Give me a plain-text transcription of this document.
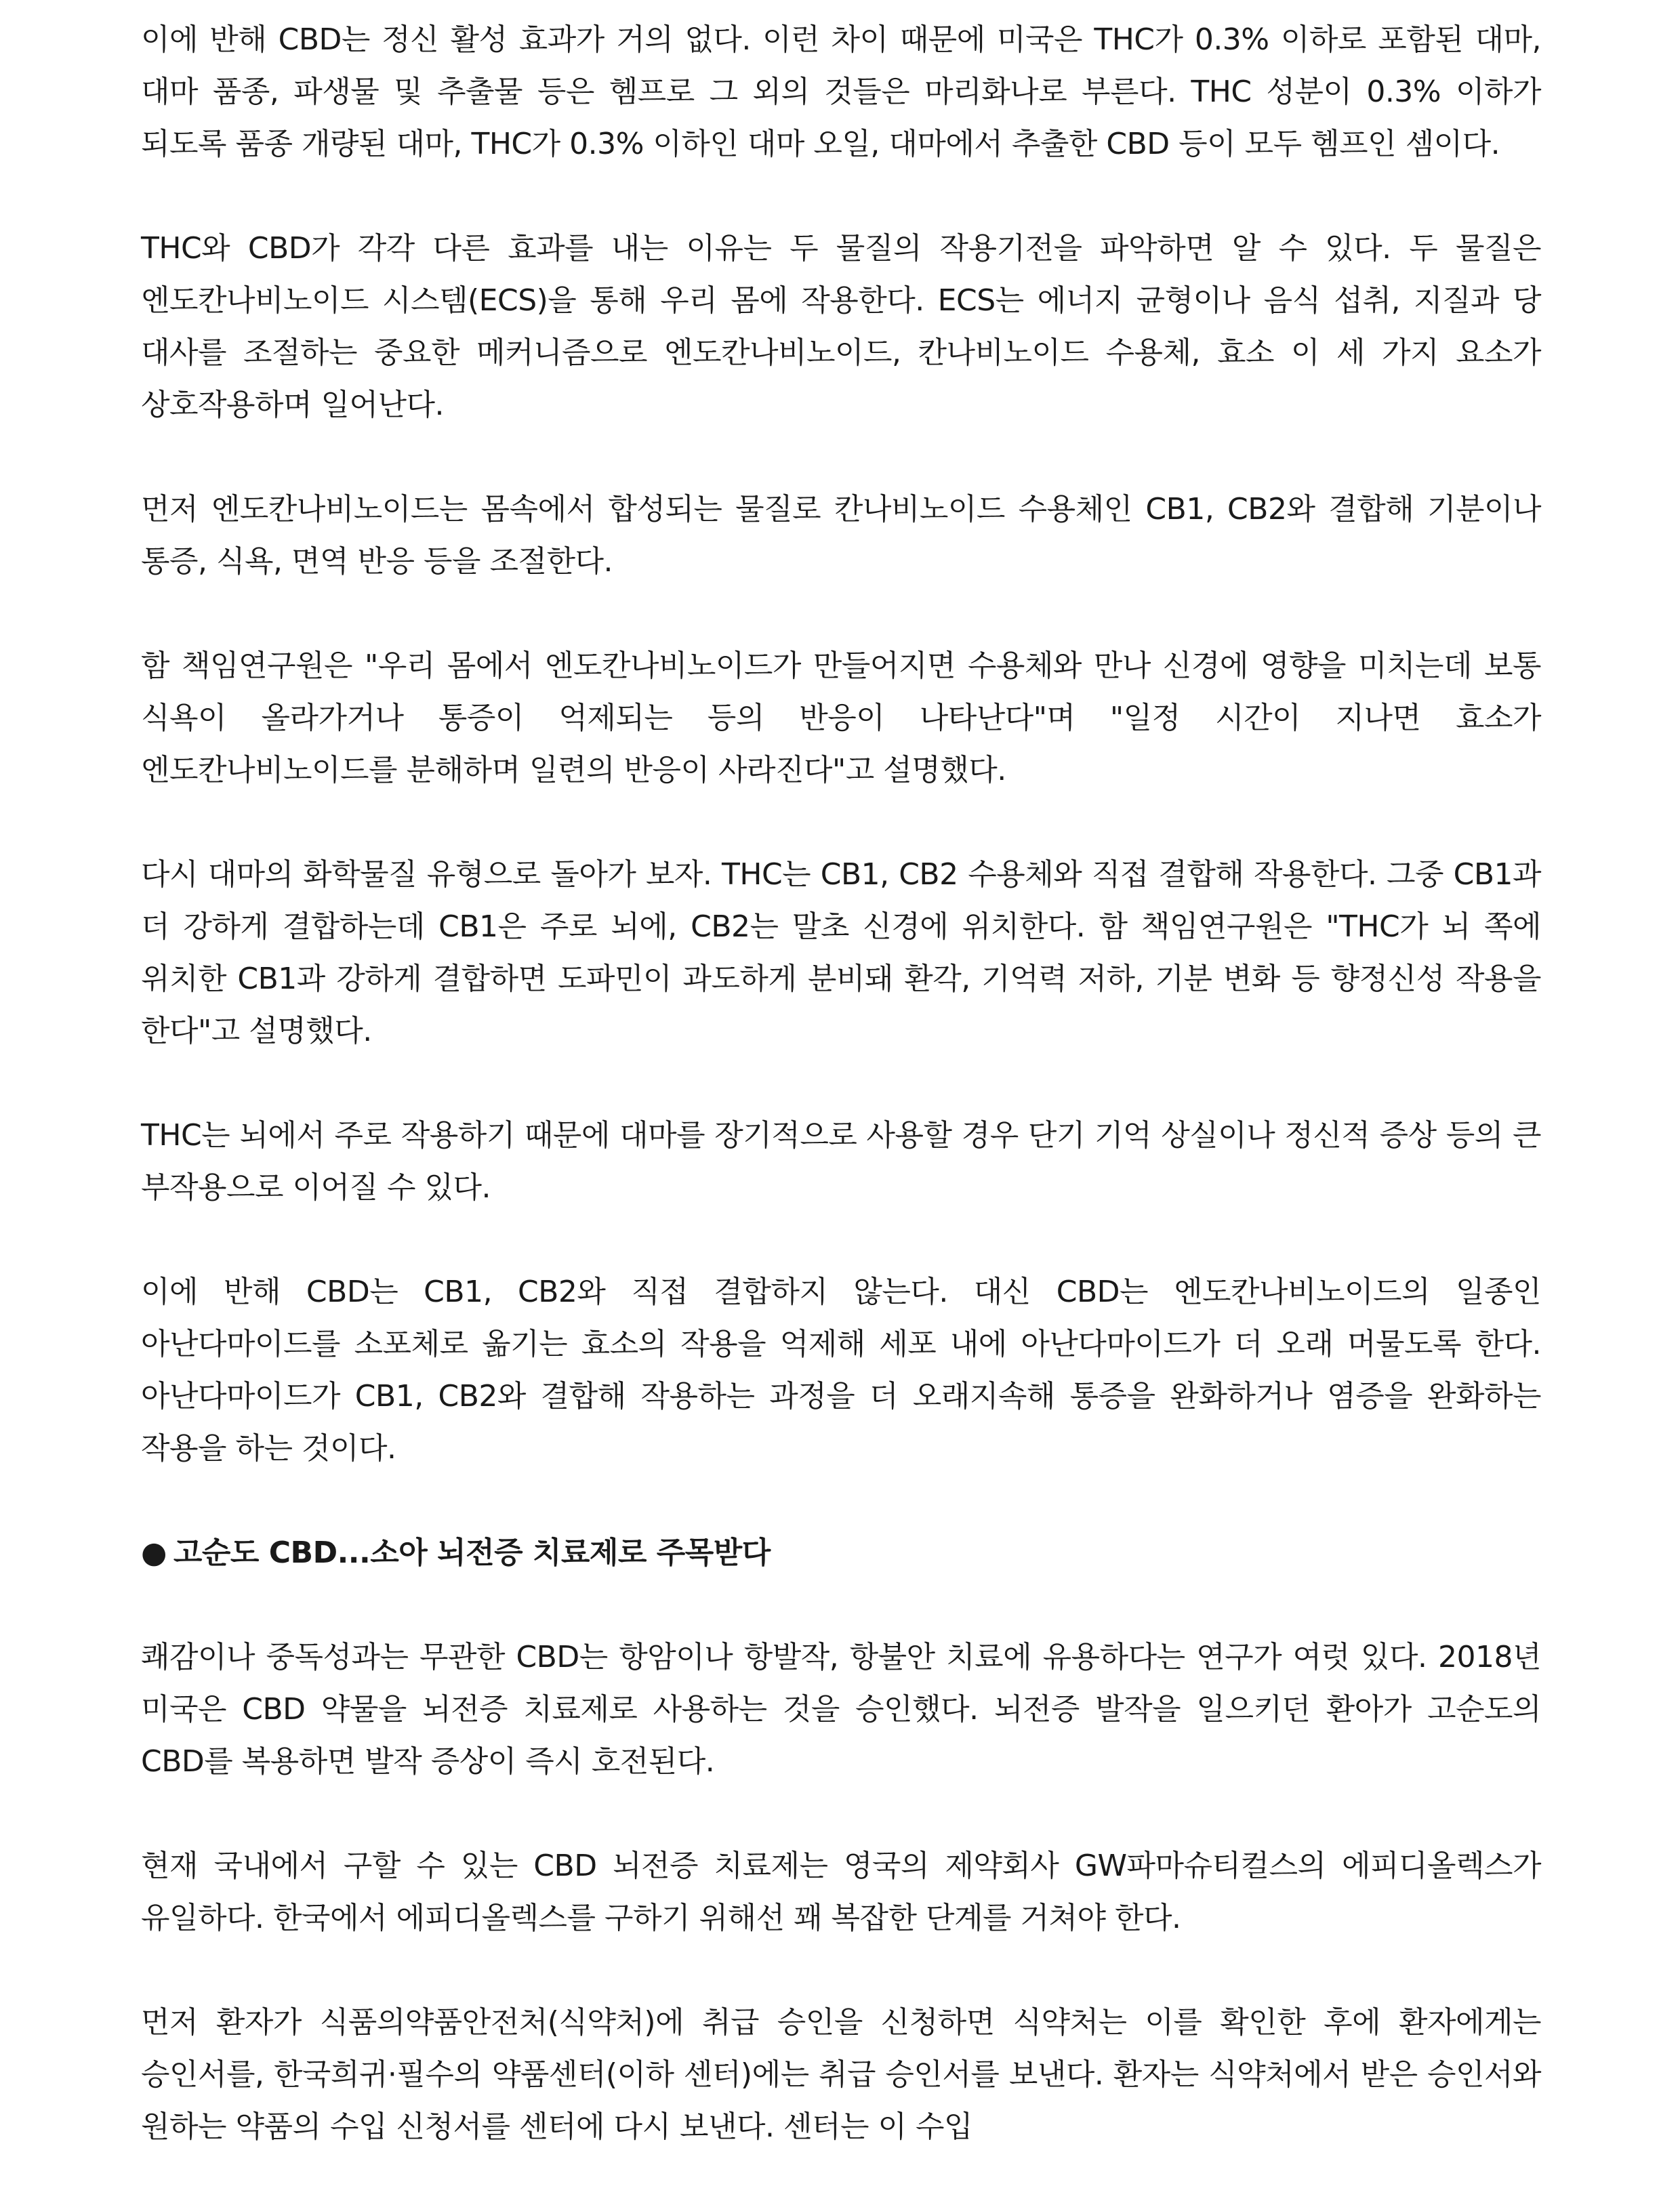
이에 반해 CBD는 정신 활성 효과가 거의 없다. 이런 차이 때문에 미국은 THC가 0.3% 이하로 포함된 대마, 대마 품종, 파생물 및 추출물 등은 헴프로 그 외의 것들은 마리화나로 부른다. THC 성분이 0.3% 이하가 되도록 품종 개량된 대마, THC가 0.3% 이하인 대마 오일, 대마에서 추출한 CBD 등이 모두 헴프인 셈이다.

THC와 CBD가 각각 다른 효과를 내는 이유는 두 물질의 작용기전을 파악하면 알 수 있다. 두 물질은 엔도칸나비노이드 시스템(ECS)을 통해 우리 몸에 작용한다. ECS는 에너지 균형이나 음식 섭취, 지질과 당 대사를 조절하는 중요한 메커니즘으로 엔도칸나비노이드, 칸나비노이드 수용체, 효소 이 세 가지 요소가 상호작용하며 일어난다.

먼저 엔도칸나비노이드는 몸속에서 합성되는 물질로 칸나비노이드 수용체인 CB1, CB2와 결합해 기분이나 통증, 식욕, 면역 반응 등을 조절한다.

함 책임연구원은 "우리 몸에서 엔도칸나비노이드가 만들어지면 수용체와 만나 신경에 영향을 미치는데 보통 식욕이 올라가거나 통증이 억제되는 등의 반응이 나타난다"며 "일정 시간이 지나면 효소가 엔도칸나비노이드를 분해하며 일련의 반응이 사라진다"고 설명했다.

다시 대마의 화학물질 유형으로 돌아가 보자. THC는 CB1, CB2 수용체와 직접 결합해 작용한다. 그중 CB1과 더 강하게 결합하는데 CB1은 주로 뇌에, CB2는 말초 신경에 위치한다. 함 책임연구원은 "THC가 뇌 쪽에 위치한 CB1과 강하게 결합하면 도파민이 과도하게 분비돼 환각, 기억력 저하, 기분 변화 등 향정신성 작용을 한다"고 설명했다.

THC는 뇌에서 주로 작용하기 때문에 대마를 장기적으로 사용할 경우 단기 기억 상실이나 정신적 증상 등의 큰 부작용으로 이어질 수 있다.

이에 반해 CBD는 CB1, CB2와 직접 결합하지 않는다. 대신 CBD는 엔도칸나비노이드의 일종인 아난다마이드를 소포체로 옮기는 효소의 작용을 억제해 세포 내에 아난다마이드가 더 오래 머물도록 한다. 아난다마이드가 CB1, CB2와 결합해 작용하는 과정을 더 오래지속해 통증을 완화하거나 염증을 완화하는 작용을 하는 것이다.

● 고순도 CBD...소아 뇌전증 치료제로 주목받다

쾌감이나 중독성과는 무관한 CBD는 항암이나 항발작, 항불안 치료에 유용하다는 연구가 여럿 있다. 2018년 미국은 CBD 약물을 뇌전증 치료제로 사용하는 것을 승인했다. 뇌전증 발작을 일으키던 환아가 고순도의 CBD를 복용하면 발작 증상이 즉시 호전된다.

현재 국내에서 구할 수 있는 CBD 뇌전증 치료제는 영국의 제약회사 GW파마슈티컬스의 에피디올렉스가 유일하다. 한국에서 에피디올렉스를 구하기 위해선 꽤 복잡한 단계를 거쳐야 한다.

먼저 환자가 식품의약품안전처(식약처)에 취급 승인을 신청하면 식약처는 이를 확인한 후에 환자에게는 승인서를, 한국희귀·필수의 약품센터(이하 센터)에는 취급 승인서를 보낸다. 환자는 식약처에서 받은 승인서와 원하는 약품의 수입 신청서를 센터에 다시 보낸다. 센터는 이 수입
